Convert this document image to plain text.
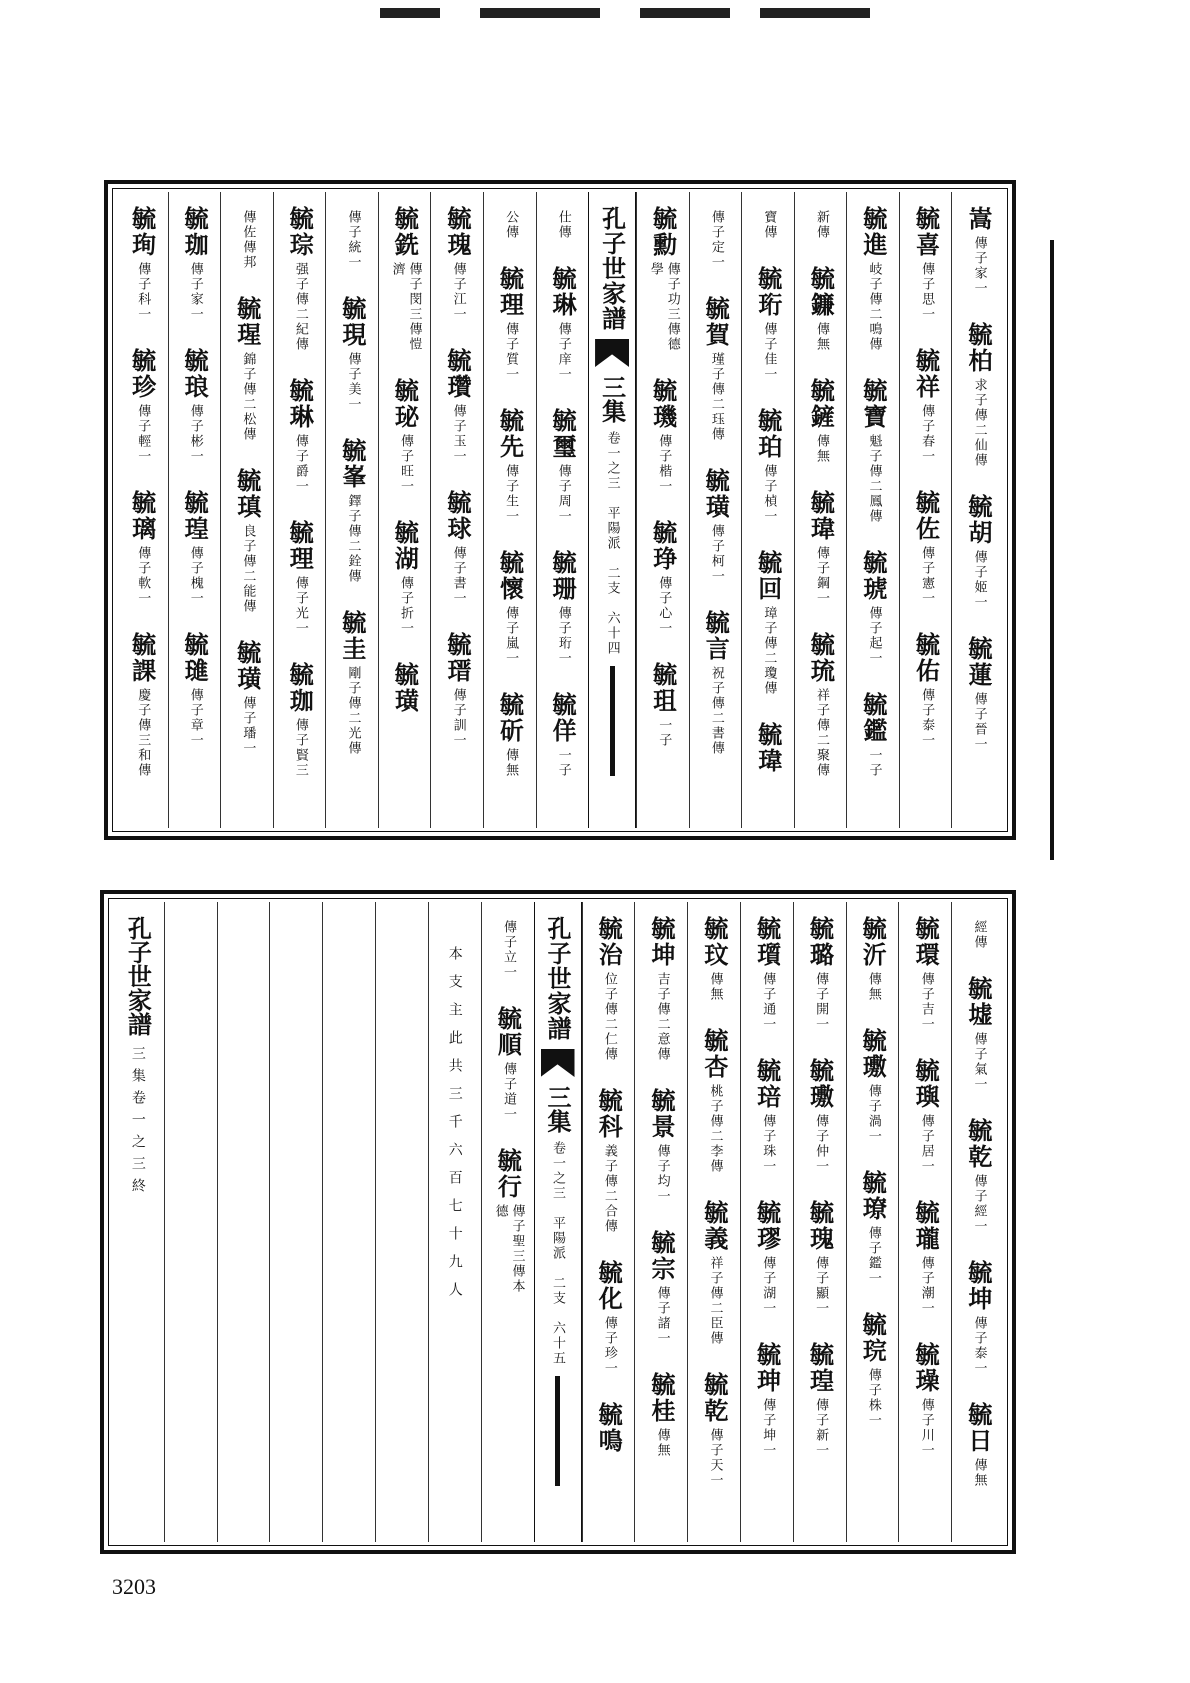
嵩
傳子家一
毓柏
求子傳二仙傳
毓胡
傳子姬一
毓蓮
傳子晉一
毓喜
傳子思一
毓祥
傳子春一
毓佐
傳子憲一
毓佑
傳子泰一
毓進
岐子傳二鳴傳
毓寶
魁子傳二鳳傳
毓琥
傳子起一
毓鑑
一子
新傳
毓鐮
傳無
毓鏟
傳無
毓瑋
傳子鋼一
毓琉
祥子傳二聚傳
寶傳
毓珩
傳子佳一
毓珀
傳子楨一
毓回
璋子傳二瓊傳
毓瑋
傳子定一
毓賀
瑾子傳二珏傳
毓璜
傳子柯一
毓言
祝子傳二書傳
毓勳
傳子功三傳德學
毓璣
傳子楷一
毓琤
傳子心一
毓珇
一子
孔子世家譜
三集
卷一之三　平陽派　二支　六十四
仕傳
毓琳
傳子庠一
毓璽
傳子周一
毓珊
傳子珩一
毓佯
一子
公傳
毓理
傳子質一
毓先
傳子生一
毓懷
傳子嵐一
毓斫
傳無
毓瑰
傳子江一
毓瓚
傳子玉一
毓球
傳子書一
毓瑨
傳子訓一
毓銑
傳子閔三傳愷濟
毓珌
傳子旺一
毓湖
傳子折一
毓璜
傳子統一
毓現
傳子美一
毓峯
鐸子傳二銓傳
毓圭
剛子傳二光傳
毓琮
强子傳二紀傳
毓琳
傳子爵一
毓理
傳子光一
毓珈
傳子賢三
傳佐傳邦
毓瑆
錦子傳二松傳
毓瑱
良子傳二能傳
毓璜
傳子璠一
毓珈
傳子家一
毓琅
傳子彬一
毓瑝
傳子槐一
毓璡
傳子章一
毓珣
傳子科一
毓珍
傳子輕一
毓璃
傳子軟一
毓課
慶子傳三和傳
經傳
毓墟
傳子氣一
毓乾
傳子經一
毓坤
傳子泰一
毓日
傳無
毓環
傳子吉一
毓璵
傳子居一
毓瓏
傳子潮一
毓璪
傳子川一
毓沂
傳無
毓璷
傳子渦一
毓璙
傳子鑑一
毓琓
傳子株一
毓璐
傳子開一
毓璷
傳子仲一
毓瑰
傳子顯一
毓瑝
傳子新一
毓瓆
傳子通一
毓琣
傳子珠一
毓璆
傳子湖一
毓珅
傳子坤一
毓玟
傳無
毓杏
桃子傳二李傳
毓義
祥子傳二臣傳
毓乾
傳子天一
毓坤
吉子傳二意傳
毓景
傳子均一
毓宗
傳子諸一
毓桂
傳無
毓治
位子傳二仁傳
毓科
義子傳二合傳
毓化
傳子珍一
毓鳴
孔子世家譜
三集
卷一之三　平陽派　二支　六十五
傳子立一
毓順
傳子道一
毓行
傳子聖三傳本德
本支主此共三千六百七十九人
孔子世家譜
三集卷一之三終
3203
